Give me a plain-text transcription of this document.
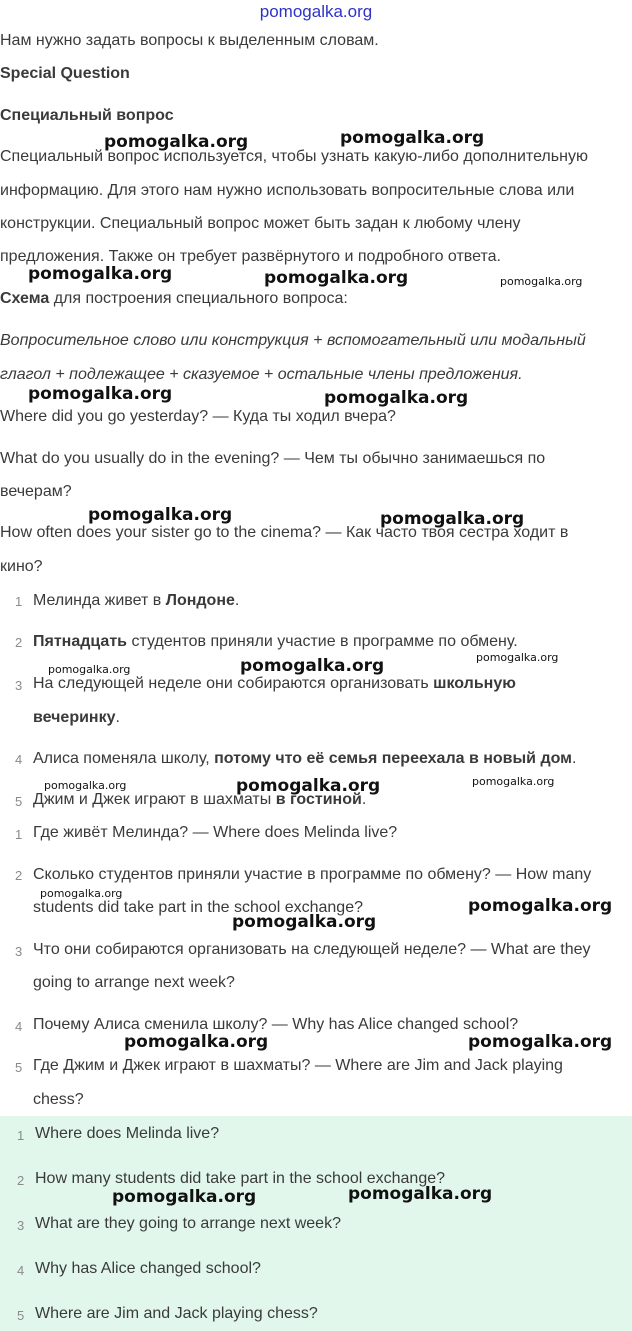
pomogalka.org
Нам нужно задать вопросы к выделенным словам.
Special Question
Специальный вопрос
Специальный вопрос используется, чтобы узнать какую-либо дополнительную
информацию. Для этого нам нужно использовать вопросительные слова или
конструкции. Специальный вопрос может быть задан к любому члену
предложения. Также он требует развёрнутого и подробного ответа.
Схема для построения специального вопроса:
Вопросительное слово или конструкция + вспомогательный или модальный
глагол + подлежащее + сказуемое + остальные члены предложения.
Where did you go yesterday? — Куда ты ходил вчера?
What do you usually do in the evening? — Чем ты обычно занимаешься по
вечерам?
How often does your sister go to the cinema? — Как часто твоя сестра ходит в
кино?
1 Мелинда живет в Лондоне.
2 Пятнадцать студентов приняли участие в программе по обмену.
3 На следующей неделе они собираются организовать школьную
вечеринку.
4 Алиса поменяла школу, потому что её семья переехала в новый дом.
5 Джим и Джек играют в шахматы в гостиной.
1 Где живёт Мелинда? — Where does Melinda live?
2 Сколько студентов приняли участие в программе по обмену? — How many
students did take part in the school exchange?
3 Что они собираются организовать на следующей неделе? — What are they
going to arrange next week?
4 Почему Алиса сменила школу? — Why has Alice changed school?
5 Где Джим и Джек играют в шахматы? — Where are Jim and Jack playing
chess?
1 Where does Melinda live?
2 How many students did take part in the school exchange?
3 What are they going to arrange next week?
4 Why has Alice changed school?
5 Where are Jim and Jack playing chess?
pomogalka.org	pomogalka.org
pomogalka.org	pomogalka.org	pomogalka.org
pomogalka.org	pomogalka.org
pomogalka.org	pomogalka.org
pomogalka.org	pomogalka.org	pomogalka.org
pomogalka.org	pomogalka.org	pomogalka.org
pomogalka.org
pomogalka.org
pomogalka.org
pomogalka.org	pomogalka.org
pomogalka.org	pomogalka.org
